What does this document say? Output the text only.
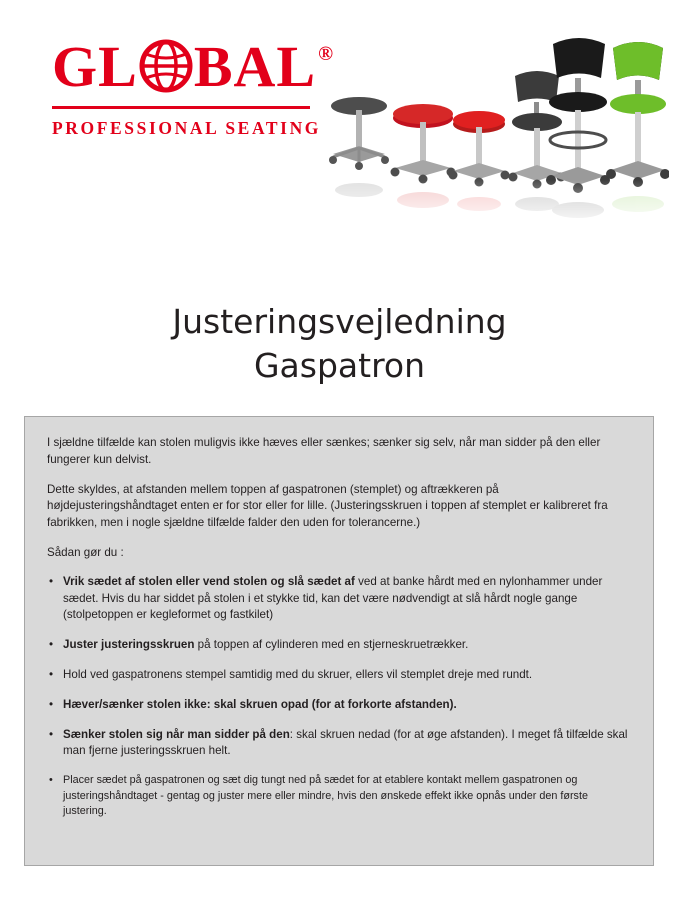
GL BAL ®
PROFESSIONAL SEATING
Justeringsvejledning
Gaspatron

I sjældne tilfælde kan stolen muligvis ikke hæves eller sænkes; sænker sig selv, når man sidder på den eller fungerer kun delvist.

Dette skyldes, at afstanden mellem toppen af gaspatronen (stemplet) og aftrækkeren på højdejusteringshåndtaget enten er for stor eller for lille. (Justeringsskruen i toppen af stemplet er kalibreret fra fabrikken, men i nogle sjældne tilfælde falder den uden for tolerancerne.)

Sådan gør du :

• Vrik sædet af stolen eller vend stolen og slå sædet af ved at banke hårdt med en nylonhammer under sædet. Hvis du har siddet på stolen i et stykke tid, kan det være nødvendigt at slå hårdt nogle gange (stolpetoppen er kegleformet og fastkilet)
• Juster justeringsskruen på toppen af cylinderen med en stjerneskruetrækker.
• Hold ved gaspatronens stempel samtidig med du skruer, ellers vil stemplet dreje med rundt.
• Hæver/sænker stolen ikke: skal skruen opad (for at forkorte afstanden).
• Sænker stolen sig når man sidder på den: skal skruen nedad (for at øge afstanden). I meget få tilfælde skal man fjerne justeringsskruen helt.
• Placer sædet på gaspatronen og sæt dig tungt ned på sædet for at etablere kontakt mellem gaspatronen og justeringshåndtaget - gentag og juster mere eller mindre, hvis den ønskede effekt ikke opnås under den første justering.
